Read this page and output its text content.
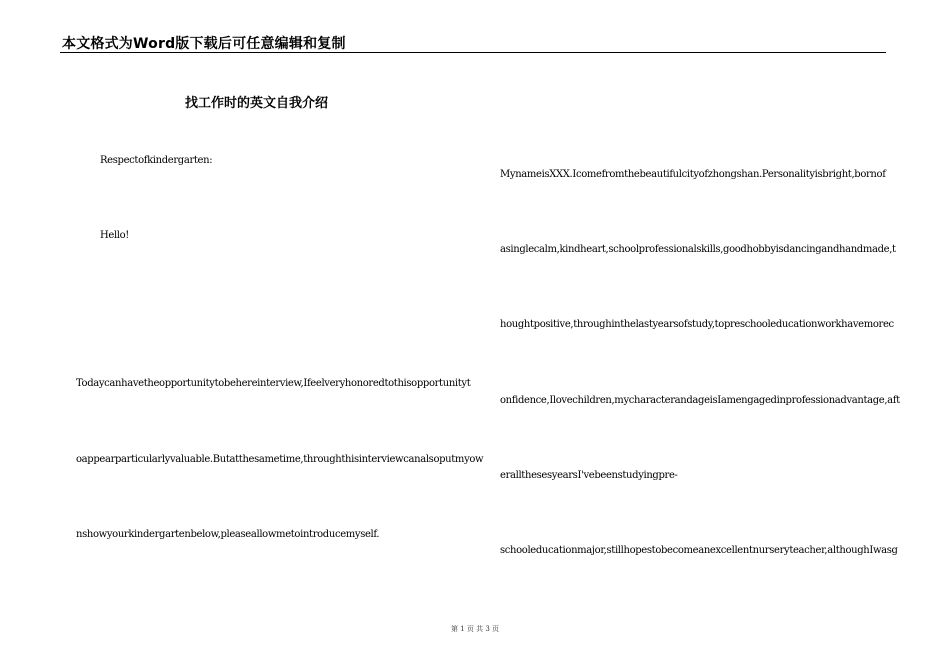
本文格式为Word版下载后可任意编辑和复制
找工作时的英文自我介绍
Respectofkindergarten:
Hello!
Todaycanhavetheopportunitytobehereinterview,Ifeelveryhonoredtothisopportunityt
oappearparticularlyvaluable.Butatthesametime,throughthisinterviewcanalsoputmyow
nshowyourkindergartenbelow,pleaseallowmetointroducemyself.
MynameisXXX.Icomefromthebeautifulcityofzhongshan.Personalityisbright,bornof
asinglecalm,kindheart,schoolprofessionalskills,goodhobbyisdancingandhandmade,t
houghtpositive,throughinthelastyearsofstudy,topreschooleducationworkhavemorec
onfidence,Ilovechildren,mycharacterandageisIamengagedinprofessionadvantage,aft
erallthesesyearsI'vebeenstudyingpre-
schooleducationmajor,stillhopestobecomeanexcellentnurseryteacher,althoughIwasg
第 1 页 共 3 页
